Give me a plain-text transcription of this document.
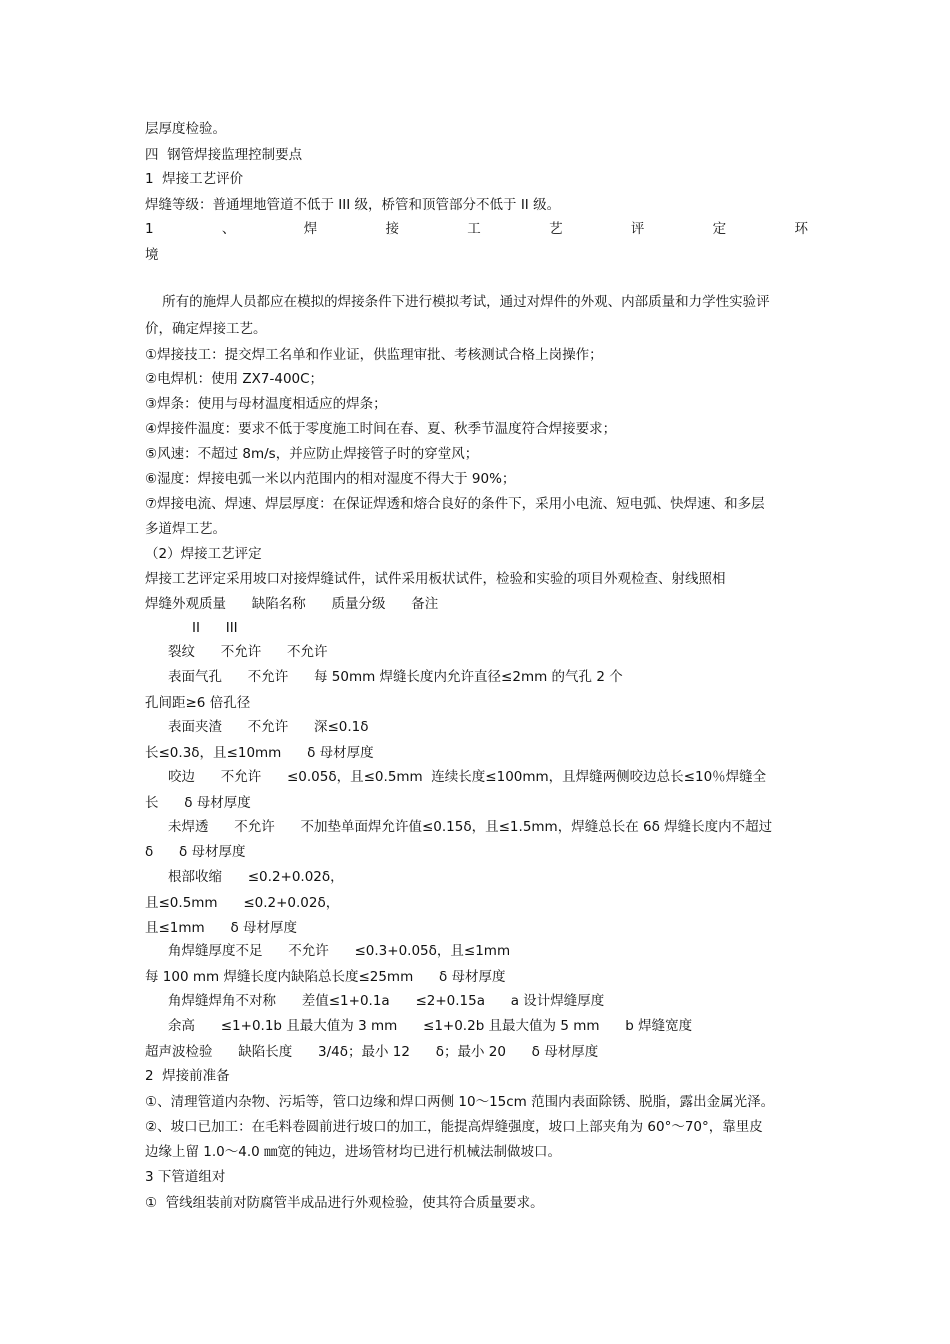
层厚度检验。
四  钢管焊接监理控制要点
1  焊接工艺评价
焊缝等级：普通埋地管道不低于 III 级，桥管和顶管部分不低于 II 级。
1	、	焊	接	工	艺	评	定	环
境
所有的施焊人员都应在模拟的焊接条件下进行模拟考试，通过对焊件的外观、内部质量和力学性实验评
价，确定焊接工艺。
①焊接技工：提交焊工名单和作业证，供监理审批、考核测试合格上岗操作；
②电焊机：使用 ZX7-400C；
③焊条：使用与母材温度相适应的焊条；
④焊接件温度：要求不低于零度施工时间在春、夏、秋季节温度符合焊接要求；
⑤风速：不超过 8m/s，并应防止焊接管子时的穿堂风；
⑥湿度：焊接电弧一米以内范围内的相对湿度不得大于 90%；
⑦焊接电流、焊速、焊层厚度：在保证焊透和熔合良好的条件下，采用小电流、短电弧、快焊速、和多层
多道焊工艺。
（2）焊接工艺评定
焊接工艺评定采用坡口对接焊缝试件，试件采用板状试件，检验和实验的项目外观检查、射线照相
焊缝外观质量      缺陷名称      质量分级      备注
II      III
裂纹      不允许      不允许
表面气孔      不允许      每 50mm 焊缝长度内允许直径≤2mm 的气孔 2 个
孔间距≥6 倍孔径
表面夹渣      不允许      深≤0.1δ
长≤0.3δ，且≤10mm      δ 母材厚度
咬边      不允许      ≤0.05δ，且≤0.5mm  连续长度≤100mm，且焊缝两侧咬边总长≤10％焊缝全
长      δ 母材厚度
未焊透      不允许      不加垫单面焊允许值≤0.15δ，且≤1.5mm，焊缝总长在 6δ 焊缝长度内不超过
δ      δ 母材厚度
根部收缩      ≤0.2+0.02δ，
且≤0.5mm      ≤0.2+0.02δ，
且≤1mm      δ 母材厚度
角焊缝厚度不足      不允许      ≤0.3+0.05δ，且≤1mm
每 100 mm 焊缝长度内缺陷总长度≤25mm      δ 母材厚度
角焊缝焊角不对称      差值≤1+0.1a      ≤2+0.15a      a 设计焊缝厚度
余高      ≤1+0.1b 且最大值为 3 mm      ≤1+0.2b 且最大值为 5 mm      b 焊缝宽度
超声波检验      缺陷长度      3/4δ；最小 12      δ；最小 20      δ 母材厚度
2  焊接前准备
①、清理管道内杂物、污垢等，管口边缘和焊口两侧 10～15cm 范围内表面除锈、脱脂，露出金属光泽。
②、坡口已加工：在毛料卷圆前进行坡口的加工，能提高焊缝强度，坡口上部夹角为 60°～70°，靠里皮
边缘上留 1.0～4.0 ㎜宽的钝边，进场管材均已进行机械法制做坡口。
3 下管道组对
①  管线组装前对防腐管半成品进行外观检验，使其符合质量要求。
